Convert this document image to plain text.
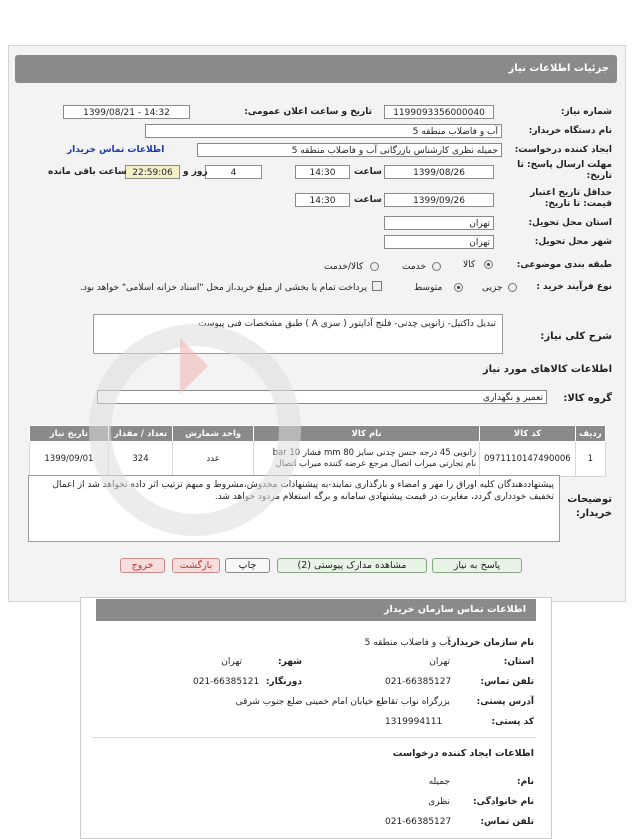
جزئیات اطلاعات نیاز
شماره نیاز:
1199093356000040
تاریخ و ساعت اعلان عمومی:
1399/08/21 - 14:32
نام دستگاه خریدار:
آب و فاضلاب منطقه 5
ایجاد کننده درخواست:
جمیله نظری کارشناس بازرگانی آب و فاضلاب منطقه 5
اطلاعات تماس خریدار
مهلت ارسال پاسخ: تا
تاریخ:
1399/08/26
ساعت
14:30
4
روز و
22:59:06
ساعت باقی مانده
حداقل تاریخ اعتبار
قیمت: تا تاریخ:
1399/09/26
ساعت
14:30
استان محل تحویل:
تهران
شهر محل تحویل:
تهران
طبقه بندی موضوعی:
کالا
خدمت
کالا/خدمت
نوع فرآیند خرید :
جزیی
متوسط
پرداخت تمام یا بخشی از مبلغ خرید،از محل "اسناد خزانه اسلامی" خواهد بود.
شرح کلی نیاز:
تبدیل داکتیل- زانویی چدنی- فلنج آداپتور ( سری A ) طبق مشخصات فنی پیوست
اطلاعات کالاهای مورد نیاز
گروه کالا:
تعمیر و نگهداری
ردیف	کد کالا	نام کالا	واحد شمارش	تعداد / مقدار	تاریخ نیاز
1	0971110147490006	زانویی 45 درجه جنس چدنی سایز 80 mm فشار 10 bar
نام تجارتی میراب اتصال مرجع عرضه کننده میراب اتصال	عدد	324	1399/09/01
توضیحات
خریدار:
پیشنهاددهندگان کلیه اوراق را مهر و امضاء و بارگذاری نمایند-به پیشنهادات مخدوش،مشروط و مبهم ترتیب اثر داده نخواهد شد از اعمال تخفیف خودداری گردد، مغایرت در قیمت پیشنهادی سامانه و برگه استعلام مردود خواهد شد.
پاسخ به نیاز
مشاهده مدارک پیوستی (2)
چاپ
بازگشت
خروج
اطلاعات تماس سازمان خریدار
نام سازمان خریدار:
آب و فاضلاب منطقه 5
استان:
تهران
شهر:
تهران
تلفن تماس:
021-66385127
دورنگار:
021-66385121
آدرس پستی:
بزرگراه نواب تقاطع خیابان امام خمینی ضلع جنوب شرقی
کد پستی:
1319994111
اطلاعات ایجاد کننده درخواست
نام:
جمیله
نام خانوادگی:
نظری
تلفن تماس:
021-66385127
